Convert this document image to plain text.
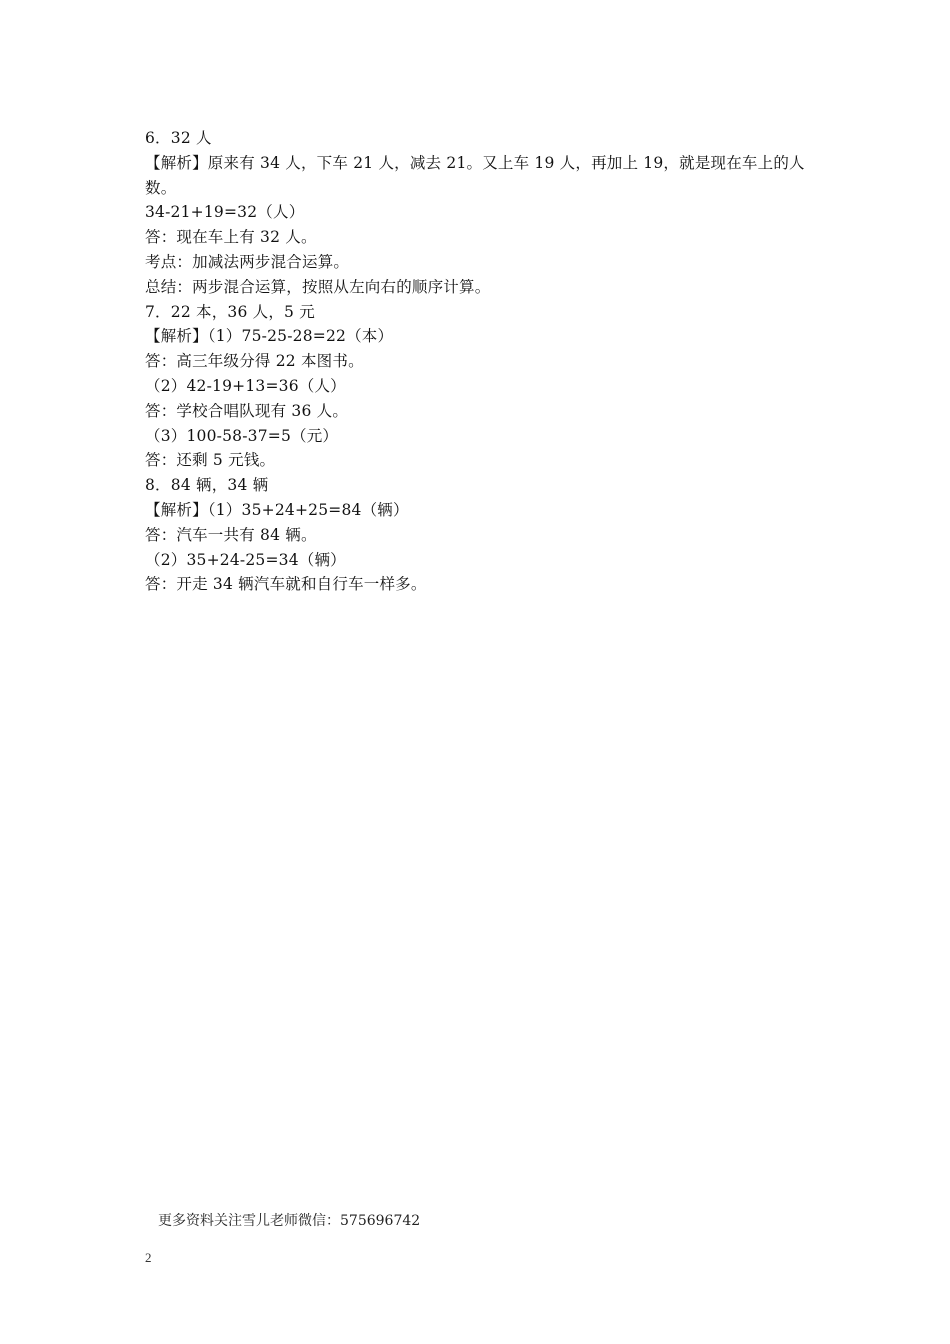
6．32 人
【解析】原来有 34 人，下车 21 人，减去 21。又上车 19 人，再加上 19，就是现在车上的人数。
34-21+19=32（人）
答：现在车上有 32 人。
考点：加减法两步混合运算。
总结：两步混合运算，按照从左向右的顺序计算。
7．22 本，36 人，5 元
【解析】（1）75-25-28=22（本）
答：高三年级分得 22 本图书。
（2）42-19+13=36（人）
答：学校合唱队现有 36 人。
（3）100-58-37=5（元）
答：还剩 5 元钱。
8．84 辆，34 辆
【解析】（1）35+24+25=84（辆）
答：汽车一共有 84 辆。
（2）35+24-25=34（辆）
答：开走 34 辆汽车就和自行车一样多。
更多资料关注雪儿老师微信：575696742
2
